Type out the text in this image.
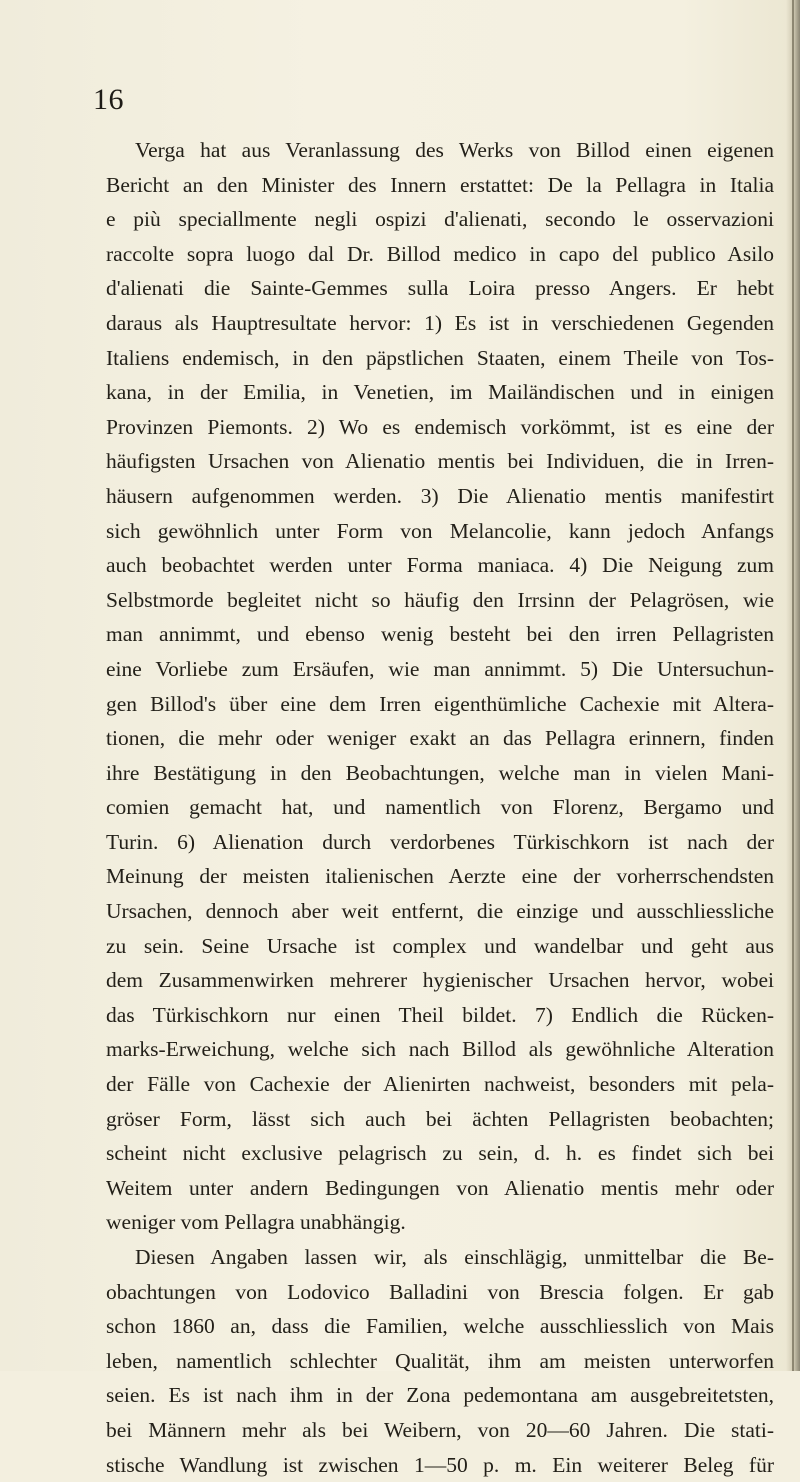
16
Verga hat aus Veranlassung des Werks von Billod einen eigenen
Bericht an den Minister des Innern erstattet: De la Pellagra in Italia
e più speciallmente negli ospizi d'alienati, secondo le osservazioni
raccolte sopra luogo dal Dr. Billod medico in capo del publico Asilo
d'alienati die Sainte-Gemmes sulla Loira presso Angers. Er hebt
daraus als Hauptresultate hervor: 1) Es ist in verschiedenen Gegenden
Italiens endemisch, in den päpstlichen Staaten, einem Theile von Tos-
kana, in der Emilia, in Venetien, im Mailändischen und in einigen
Provinzen Piemonts. 2) Wo es endemisch vorkömmt, ist es eine der
häufigsten Ursachen von Alienatio mentis bei Individuen, die in Irren-
häusern aufgenommen werden. 3) Die Alienatio mentis manifestirt
sich gewöhnlich unter Form von Melancolie, kann jedoch Anfangs
auch beobachtet werden unter Forma maniaca. 4) Die Neigung zum
Selbstmorde begleitet nicht so häufig den Irrsinn der Pelagrösen, wie
man annimmt, und ebenso wenig besteht bei den irren Pellagristen
eine Vorliebe zum Ersäufen, wie man annimmt. 5) Die Untersuchun-
gen Billod's über eine dem Irren eigenthümliche Cachexie mit Altera-
tionen, die mehr oder weniger exakt an das Pellagra erinnern, finden
ihre Bestätigung in den Beobachtungen, welche man in vielen Mani-
comien gemacht hat, und namentlich von Florenz, Bergamo und
Turin. 6) Alienation durch verdorbenes Türkischkorn ist nach der
Meinung der meisten italienischen Aerzte eine der vorherrschendsten
Ursachen, dennoch aber weit entfernt, die einzige und ausschliessliche
zu sein. Seine Ursache ist complex und wandelbar und geht aus
dem Zusammenwirken mehrerer hygienischer Ursachen hervor, wobei
das Türkischkorn nur einen Theil bildet. 7) Endlich die Rücken-
marks-Erweichung, welche sich nach Billod als gewöhnliche Alteration
der Fälle von Cachexie der Alienirten nachweist, besonders mit pela-
gröser Form, lässt sich auch bei ächten Pellagristen beobachten;
scheint nicht exclusive pelagrisch zu sein, d. h. es findet sich bei
Weitem unter andern Bedingungen von Alienatio mentis mehr oder
weniger vom Pellagra unabhängig.
Diesen Angaben lassen wir, als einschlägig, unmittelbar die Be-
obachtungen von Lodovico Balladini von Brescia folgen. Er gab
schon 1860 an, dass die Familien, welche ausschliesslich von Mais
leben, namentlich schlechter Qualität, ihm am meisten unterworfen
seien. Es ist nach ihm in der Zona pedemontana am ausgebreitetsten,
bei Männern mehr als bei Weibern, von 20—60 Jahren. Die stati-
stische Wandlung ist zwischen 1—50 p. m. Ein weiterer Beleg für
